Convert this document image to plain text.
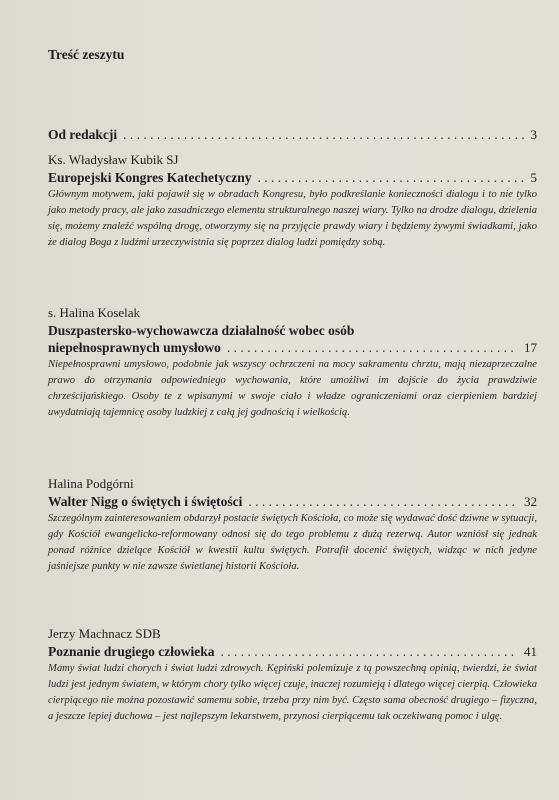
Treść zeszytu
Od redakcji . . .	3
Ks. Władysław Kubik SJ
Europejski Kongres Katechetyczny . . .	5
Głównym motywem, jaki pojawił się w obradach Kongresu, było podkreślanie konieczności dialogu i to nie tylko jako metody pracy, ale jako zasadniczego elementu strukturalnego naszej wiary. Tylko na drodze dialogu, dzielenia się, możemy znaleźć wspólną drogę, otworzymy się na przyjęcie prawdy wiary i będziemy żywymi świadkami, jako że dialog Boga z ludźmi urzeczywistnia się poprzez dialog ludzi pomiędzy sobą.
s. Halina Koselak
Duszpastersko-wychowawcza działalność wobec osób
niepełnosprawnych umysłowo . . .	17
Niepełnosprawni umysłowo, podobnie jak wszyscy ochrzczeni na mocy sakramentu chrztu, mają niezaprzeczalne prawo do otrzymania odpowiedniego wychowania, które umożliwi im dojście do życia prawdziwie chrześcijańskiego. Osoby te z wpisanymi w swoje ciało i władze ograniczeniami oraz cierpieniem bardziej uwydatniają tajemnicę osoby ludzkiej z całą jej godnością i wielkością.
Halina Podgórni
Walter Nigg o świętych i świętości . . .	32
Szczególnym zainteresowaniem obdarzył postacie świętych Kościoła, co może się wydawać dość dziwne w sytuacji, gdy Kościół ewangelicko-reformowany odnosi się do tego problemu z dużą rezerwą. Autor wzniósł się jednak ponad różnice dzielące Kościół w kwestii kultu świętych. Potrafił docenić świętych, widząc w nich jedyne jaśniejsze punkty w nie zawsze świetlanej historii Kościoła.
Jerzy Machnacz SDB
Poznanie drugiego człowieka . . .	41
Mamy świat ludzi chorych i świat ludzi zdrowych. Kępiński polemizuje z tą powszechną opinią, twierdzi, że świat ludzi jest jednym światem, w którym chory tylko więcej czuje, inaczej rozumieją i dlatego więcej cierpią. Człowieka cierpiącego nie można pozostawić samemu sobie, trzeba przy nim być. Często sama obecność drugiego – fizyczna, a jeszcze lepiej duchowa – jest najlepszym lekarstwem, przynosi cierpiącemu tak oczekiwaną pomoc i ulgę.
